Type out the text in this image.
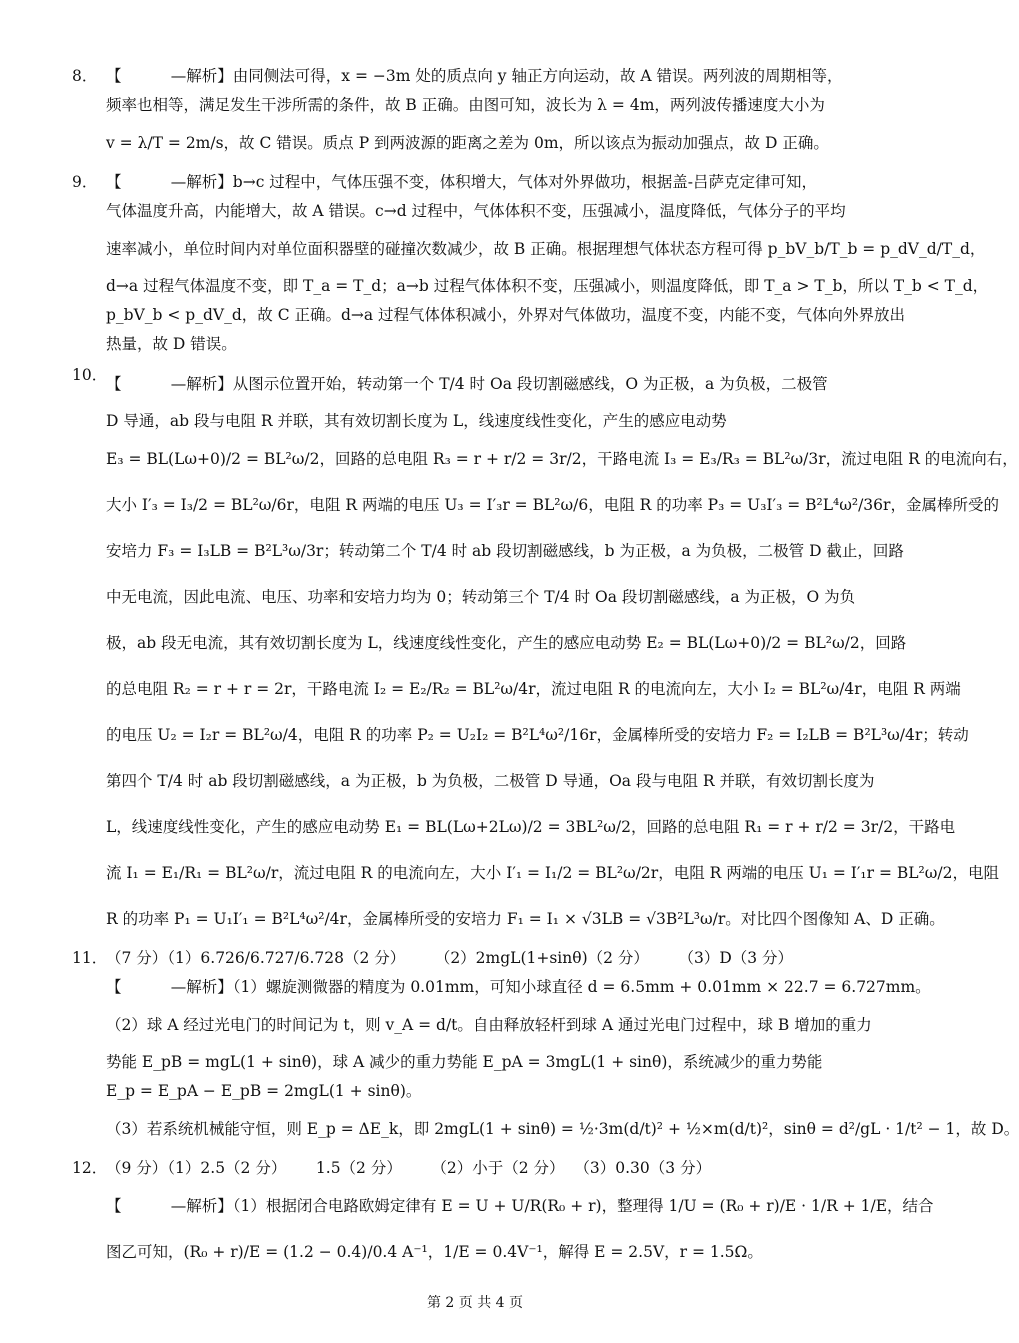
8． 【          —解析】由同侧法可得，x = −3m 处的质点向 y 轴正方向运动，故 A 错误。两列波的周期相等，
频率也相等，满足发生干涉所需的条件，故 B 正确。由图可知，波长为 λ = 4m，两列波传播速度大小为
v = λ/T = 2m/s，故 C 错误。质点 P 到两波源的距离之差为 0m，所以该点为振动加强点，故 D 正确。
9． 【          —解析】b→c 过程中，气体压强不变，体积增大，气体对外界做功，根据盖-吕萨克定律可知，
气体温度升高，内能增大，故 A 错误。c→d 过程中，气体体积不变，压强减小，温度降低，气体分子的平均
速率减小，单位时间内对单位面积器壁的碰撞次数减少，故 B 正确。根据理想气体状态方程可得 p_bV_b/T_b = p_dV_d/T_d，
d→a 过程气体温度不变，即 T_a = T_d；a→b 过程气体体积不变，压强减小，则温度降低，即 T_a > T_b，所以 T_b < T_d，
p_bV_b < p_dV_d，故 C 正确。d→a 过程气体体积减小，外界对气体做功，温度不变，内能不变，气体向外界放出
热量，故 D 错误。
10．
【          —解析】从图示位置开始，转动第一个 T/4 时 Oa 段切割磁感线，O 为正极，a 为负极，二极管
D 导通，ab 段与电阻 R 并联，其有效切割长度为 L，线速度线性变化，产生的感应电动势
E₃ = BL(Lω+0)/2 = BL²ω/2，回路的总电阻 R₃ = r + r/2 = 3r/2，干路电流 I₃ = E₃/R₃ = BL²ω/3r，流过电阻 R 的电流向右，
大小 I′₃ = I₃/2 = BL²ω/6r，电阻 R 两端的电压 U₃ = I′₃r = BL²ω/6，电阻 R 的功率 P₃ = U₃I′₃ = B²L⁴ω²/36r，金属棒所受的
安培力 F₃ = I₃LB = B²L³ω/3r；转动第二个 T/4 时 ab 段切割磁感线，b 为正极，a 为负极，二极管 D 截止，回路
中无电流，因此电流、电压、功率和安培力均为 0；转动第三个 T/4 时 Oa 段切割磁感线，a 为正极，O 为负
极，ab 段无电流，其有效切割长度为 L，线速度线性变化，产生的感应电动势 E₂ = BL(Lω+0)/2 = BL²ω/2，回路
的总电阻 R₂ = r + r = 2r，干路电流 I₂ = E₂/R₂ = BL²ω/4r，流过电阻 R 的电流向左，大小 I₂ = BL²ω/4r，电阻 R 两端
的电压 U₂ = I₂r = BL²ω/4，电阻 R 的功率 P₂ = U₂I₂ = B²L⁴ω²/16r，金属棒所受的安培力 F₂ = I₂LB = B²L³ω/4r；转动
第四个 T/4 时 ab 段切割磁感线，a 为正极，b 为负极，二极管 D 导通，Oa 段与电阻 R 并联，有效切割长度为
L，线速度线性变化，产生的感应电动势 E₁ = BL(Lω+2Lω)/2 = 3BL²ω/2，回路的总电阻 R₁ = r + r/2 = 3r/2，干路电
流 I₁ = E₁/R₁ = BL²ω/r，流过电阻 R 的电流向左，大小 I′₁ = I₁/2 = BL²ω/2r，电阻 R 两端的电压 U₁ = I′₁r = BL²ω/2，电阻
R 的功率 P₁ = U₁I′₁ = B²L⁴ω²/4r，金属棒所受的安培力 F₁ = I₁ × √3LB = √3B²L³ω/r。对比四个图像知 A、D 正确。
11．
（7 分）（1）6.726/6.727/6.728（2 分）      （2）2mgL(1+sinθ)（2 分）      （3）D（3 分）
【          —解析】（1）螺旋测微器的精度为 0.01mm，可知小球直径 d = 6.5mm + 0.01mm × 22.7 = 6.727mm。
（2）球 A 经过光电门的时间记为 t，则 v_A = d/t。自由释放轻杆到球 A 通过光电门过程中，球 B 增加的重力
势能 E_pB = mgL(1 + sinθ)，球 A 减少的重力势能 E_pA = 3mgL(1 + sinθ)，系统减少的重力势能
E_p = E_pA − E_pB = 2mgL(1 + sinθ)。
（3）若系统机械能守恒，则 E_p = ΔE_k，即 2mgL(1 + sinθ) = ½·3m(d/t)² + ½×m(d/t)²，sinθ = d²/gL · 1/t² − 1，故 D。
12．
（9 分）（1）2.5（2 分）      1.5（2 分）      （2）小于（2 分）  （3）0.30（3 分）
【          —解析】（1）根据闭合电路欧姆定律有 E = U + U/R(R₀ + r)，整理得 1/U = (R₀ + r)/E · 1/R + 1/E，结合
图乙可知，(R₀ + r)/E = (1.2 − 0.4)/0.4 A⁻¹，1/E = 0.4V⁻¹，解得 E = 2.5V，r = 1.5Ω。
第 2 页 共 4 页
